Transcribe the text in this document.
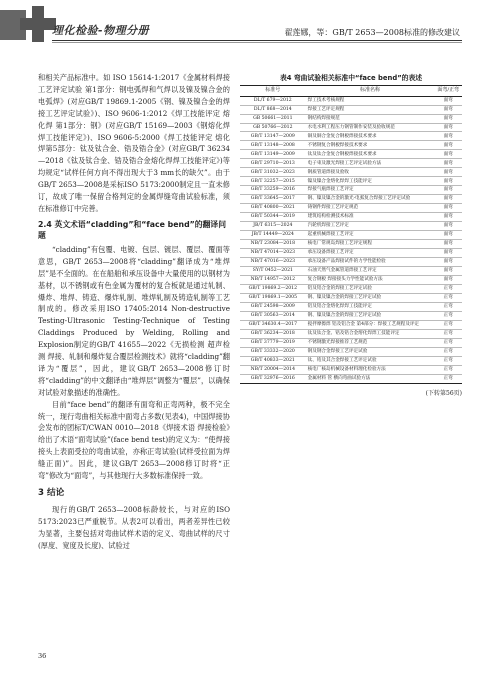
理化检验-物理分册	翟莲娜，等：GB/T 2653—2008标准的修改建议

和相关产品标准中。如 ISO 15614-1:2017《金属材料焊接工艺评定试验 第1部分：钢电弧焊和气焊以及镍及镍合金的电弧焊》(对应GB/T 19869.1-2005《钢、镍及镍合金的焊接工艺评定试验》)、ISO 9606-1:2012《焊工技能评定 熔化焊 第1部分：钢》(对应GB/T 15169—2003《钢熔化焊焊工技能评定》)、ISO 9606-5:2000《焊工技能评定 熔化焊第5部分：钛及钛合金、锆及锆合金》(对应GB/T 36234—2018《钛及钛合金、锆及锆合金熔化焊焊工技能评定》)等均规定“试样任何方向不得出现大于3 mm长的缺欠”。由于GB/T 2653—2008是采标ISO 5173:2000制定且一直未修订，故成了唯一保留合格判定的金属焊缝弯曲试验标准，须在标准修订中完善。

2.4 英文术语“cladding”和“face bend”的翻译问题

“cladding”有包覆、电镀、包层、镀层、覆层、覆面等意思，GB/T 2653—2008将“cladding”翻译成为“堆焊层”是不全面的。在在船舶和承压设备中大量使用的以钢材为基材，以不锈钢或有色金属为覆材的复合板就是通过轧制、爆炸、堆焊、铸造、爆炸轧制、堆焊轧制及铸造轧制等工艺制成的。修改采用ISO 17405:2014 Non-destructive Testing-Ultrasonic Testing-Technique of Testing Claddings Produced by Welding, Rolling and Explosion制定的GB/T 41655—2022《无损检测 超声检测 焊接、轧制和爆炸复合覆层检测技术》就将“cladding”翻译为“覆层”，因此，建议GB/T 2653—2008修订时将“cladding”的中文翻译由“堆焊层”调整为“覆层”，以确保对试验对象描述的准确性。

目前“face bend”的翻译有面弯和正弯两种，极不完全统一，现行弯曲相关标准中面弯占多数(见表4)，中国焊接协会发布的团标T/CWAN 0010—2018《焊接术语 焊接检验》给出了术语“面弯试验”(face bend test)的定义为：“使焊接接头上表面受拉的弯曲试验，亦称正弯试验(试样受拉面为焊缝正面)”。因此，建议GB/T 2653—2008修订时将“正弯”修改为“面弯”，与其他现行大多数标准保持一致。

3 结论

现行的GB/T 2653—2008标龄较长，与对应的ISO 5173:2023已严重脱节。从表2可以看出，两者差异性已较为显著，主要包括对弯曲试样术语的定义、弯曲试样的尺寸(厚度、宽度及长度)、试验过

表4 弯曲试验相关标准中“face bend”的表述
标准号	标准名称	面弯/正弯
DL/T 679—2012	焊工技术考核规程	面弯
DL/T 868—2014	焊接工艺评定规程	面弯
GB 50661—2011	钢结构焊接规范	面弯
GB 50766—2012	水电水利工程压力钢管制作安装及验收规范	面弯
GB/T 13147—2009	铜及铜合金复合钢板焊接技术要求	面弯
GB/T 13148—2008	不锈钢复合钢板焊接技术要求	面弯
GB/T 13149—2009	钛及钛合金复合钢板焊接技术要求	面弯
GB/T 29710—2013	电子束及激光焊接工艺评定试验方法	面弯
GB/T 31032—2023	钢质管道焊接及验收	面弯
GB/T 32257—2015	镍及镍合金熔化焊焊工技能评定	面弯
GB/T 33259—2016	焊接气瓶焊接工艺评定	面弯
GB/T 33645—2017	钢、镍及镍合金的激光-电弧复合焊接工艺评定试验	面弯
GB/T 40800—2021	铸钢件焊接工艺评定规范	面弯
GB/T 50344—2019	建筑结构检测技术标准	面弯
JB/T 6315—2024	汽轮机焊接工艺评定	面弯
JB/T 14449—2024	起重机械焊接工艺评定	面弯
NB/T 23084—2018	核电厂常规岛焊接工艺评定规程	面弯
NB/T 47014—2023	承压设备焊接工艺评定	面弯
NB/T 47016—2023	承压设备产品焊接试件的力学性能检验	面弯
SY/T 0452—2021	石油天然气金属管道焊接工艺评定	面弯
NB/T 14957—2012	复合钢板 焊接接头力学性能试验方法	面弯
GB/T 19869.2—2012	铝及铝合金的焊接工艺评定试验	正弯
GB/T 19869.1—2005	钢、镍及镍合金的焊接工艺评定试验	正弯
GB/T 24598—2009	铝及铝合金熔化焊焊工技能评定	正弯
GB/T 30563—2014	钢、镍及镍合金的焊接工艺评定试验	正弯
GB/T 34630.4—2017	搅拌摩擦焊 铝及铝合金 第4部分：焊接工艺规程及评定	正弯
GB/T 36234—2018	钛及钛合金、锆及锆合金熔化焊焊工技能评定	正弯
GB/T 37779—2019	不锈钢激光焊接推荐工艺规范	正弯
GB/T 33332—2020	钢及钢合金焊接工艺评定试验	正弯
GB/T 40833—2021	钛、锆及其合金焊接工艺评定试验	正弯
NB/T 20004—2014	核电厂核岛机械设备材料理化检验方法	正弯
GB/T 32976—2016	金属材料 管 横向弯曲试验方法	正弯
(下转第56页)
36
